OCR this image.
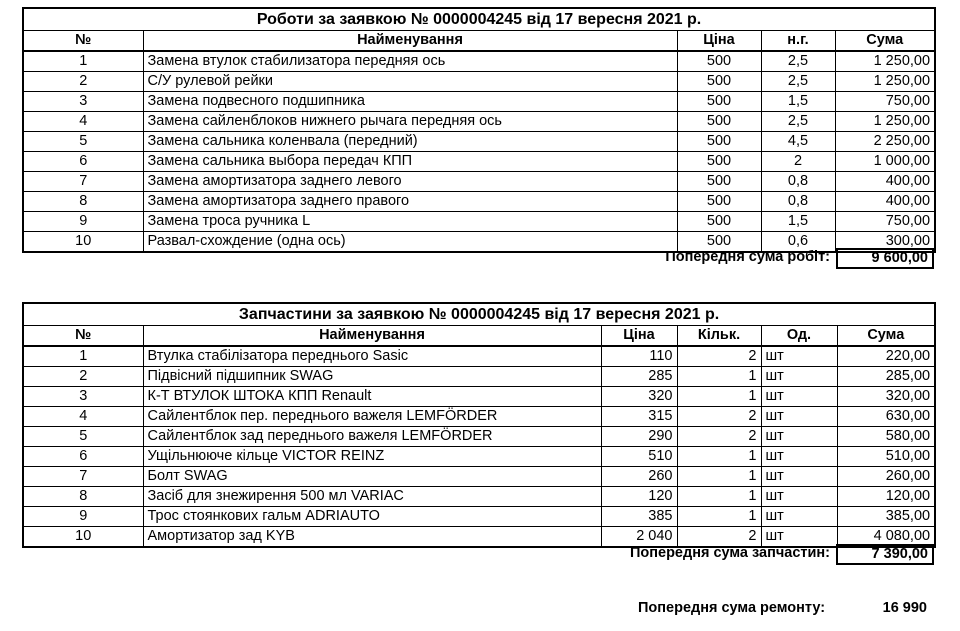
Роботи за заявкою № 0000004245 від 17 вересня 2021 р.				
№	Найменування	Ціна	н.г.	Сума
1	Замена втулок стабилизатора передняя ось	500	2,5	1 250,00
2	С/У рулевой рейки	500	2,5	1 250,00
3	Замена подвесного подшипника	500	1,5	750,00
4	Замена сайленблоков нижнего рычага передняя ось	500	2,5	1 250,00
5	Замена сальника коленвала (передний)	500	4,5	2 250,00
6	Замена сальника выбора передач КПП	500	2	1 000,00
7	Замена амортизатора заднего левого	500	0,8	400,00
8	Замена амортизатора заднего правого	500	0,8	400,00
9	Замена троса ручника L	500	1,5	750,00
10	Развал-схождение (одна ось)	500	0,6	300,00
Попередня сума робіт:	9 600,00
Запчастини за заявкою № 0000004245 від 17 вересня 2021 р.					
№	Найменування	Ціна	Кільк.	Од.	Сума
1	Втулка стабілізатора переднього Sasic	110	2	шт	220,00
2	Підвісний підшипник SWAG	285	1	шт	285,00
3	К-Т ВТУЛОК ШТОКА КПП Renault	320	1	шт	320,00
4	Сайлентблок пер. переднього важеля LEMFÖRDER	315	2	шт	630,00
5	Сайлентблок зад переднього важеля LEMFÖRDER	290	2	шт	580,00
6	Ущільнююче кільце VICTOR REINZ	510	1	шт	510,00
7	Болт SWAG	260	1	шт	260,00
8	Засіб для знежирення 500 мл VARIAC	120	1	шт	120,00
9	Трос стоянкових гальм ADRIAUTO	385	1	шт	385,00
10	Амортизатор зад KYB	2 040	2	шт	4 080,00
Попередня сума запчастин:	7 390,00
Попередня сума ремонту:	16 990
